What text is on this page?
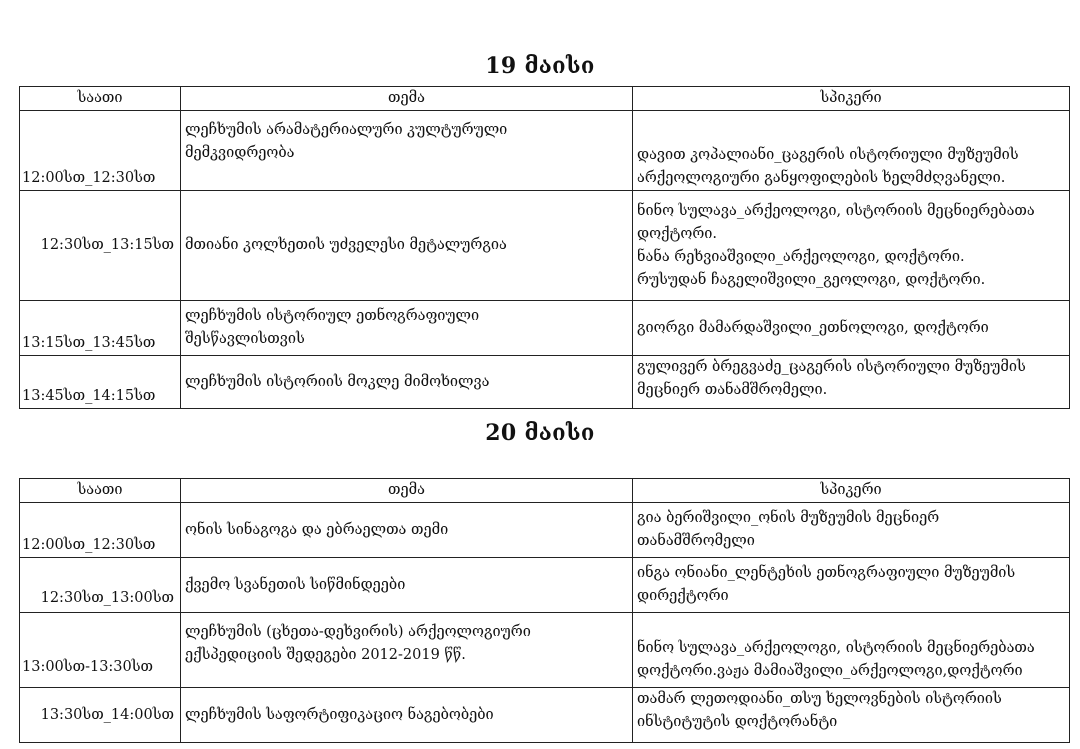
19 მაისი
საათი	თემა	სპიკერი
12:00სთ_12:30სთ	ლეჩხუმის არამატერიალური კულტურული
მემკვიდრეობა	დავით კოპალიანი_ცაგერის ისტორიული მუზეუმის
არქეოლოგიური განყოფილების ხელმძღვანელი.

12:30სთ_13:15სთ	მთიანი კოლხეთის უძველესი მეტალურგია	ნინო სულავა_არქეოლოგი, ისტორიის მეცნიერებათა
დოქტორი.
ნანა რეხვიაშვილი_არქეოლოგი, დოქტორი.
რუსუდან ჩაგელიშვილი_გეოლოგი, დოქტორი.

13:15სთ_13:45სთ	ლეჩხუმის ისტორიულ ეთნოგრაფიული
შესწავლისთვის	გიორგი მამარდაშვილი_ეთნოლოგი, დოქტორი

13:45სთ_14:15სთ	ლეჩხუმის ისტორიის მოკლე მიმოხილვა	გულივერ ბრეგვაძე_ცაგერის ისტორიული მუზეუმის
მეცნიერ თანამშრომელი.
20 მაისი
საათი	თემა	სპიკერი
12:00სთ_12:30სთ	ონის სინაგოგა და ებრაელთა თემი	გია ბერიშვილი_ონის მუზეუმის მეცნიერ
თანამშრომელი

12:30სთ_13:00სთ	ქვემო სვანეთის სიწმინდეები	ინგა ონიანი_ლენტეხის ეთნოგრაფიული მუზეუმის
დირექტორი

13:00სთ-13:30სთ	ლეჩხუმის (ცხეთა-დეხვირის) არქეოლოგიური
ექსპედიციის შედეგები 2012-2019 წწ.	ნინო სულავა_არქეოლოგი, ისტორიის მეცნიერებათა
დოქტორი.ვაჟა მამიაშვილი_არქეოლოგი,დოქტორი

13:30სთ_14:00სთ	ლეჩხუმის საფორტიფიკაციო ნაგებობები	თამარ ლეთოდიანი_თსუ ხელოვნების ისტორიის
ინსტიტუტის დოქტორანტი
